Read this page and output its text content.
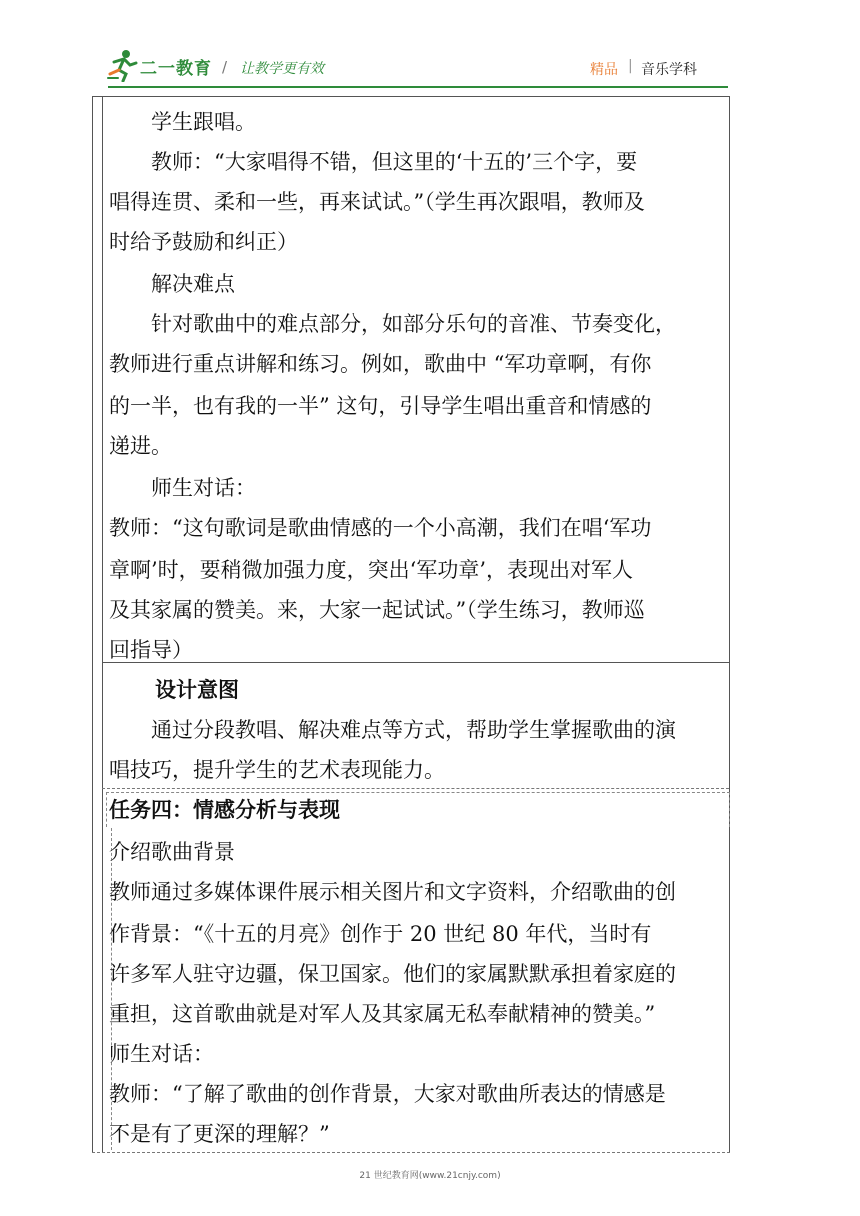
二一教育 / 让教学更有效	精品 | 音乐学科
学生跟唱。
教师：“大家唱得不错，但这里的‘十五的’三个字，要
唱得连贯、柔和一些，再来试试。”（学生再次跟唱，教师及
时给予鼓励和纠正）
解决难点
针对歌曲中的难点部分，如部分乐句的音准、节奏变化，
教师进行重点讲解和练习。例如，歌曲中 “军功章啊，有你
的一半，也有我的一半” 这句，引导学生唱出重音和情感的
递进。
师生对话：
教师：“这句歌词是歌曲情感的一个小高潮，我们在唱‘军功
章啊’时，要稍微加强力度，突出‘军功章’，表现出对军人
及其家属的赞美。来，大家一起试试。”（学生练习，教师巡
回指导）
设计意图
通过分段教唱、解决难点等方式，帮助学生掌握歌曲的演
唱技巧，提升学生的艺术表现能力。
任务四：情感分析与表现
介绍歌曲背景
教师通过多媒体课件展示相关图片和文字资料，介绍歌曲的创
作背景：“《十五的月亮》创作于 20 世纪 80 年代，当时有
许多军人驻守边疆，保卫国家。他们的家属默默承担着家庭的
重担，这首歌曲就是对军人及其家属无私奉献精神的赞美。”
师生对话：
教师：“了解了歌曲的创作背景，大家对歌曲所表达的情感是
不是有了更深的理解？”
21 世纪教育网(www.21cnjy.com)
